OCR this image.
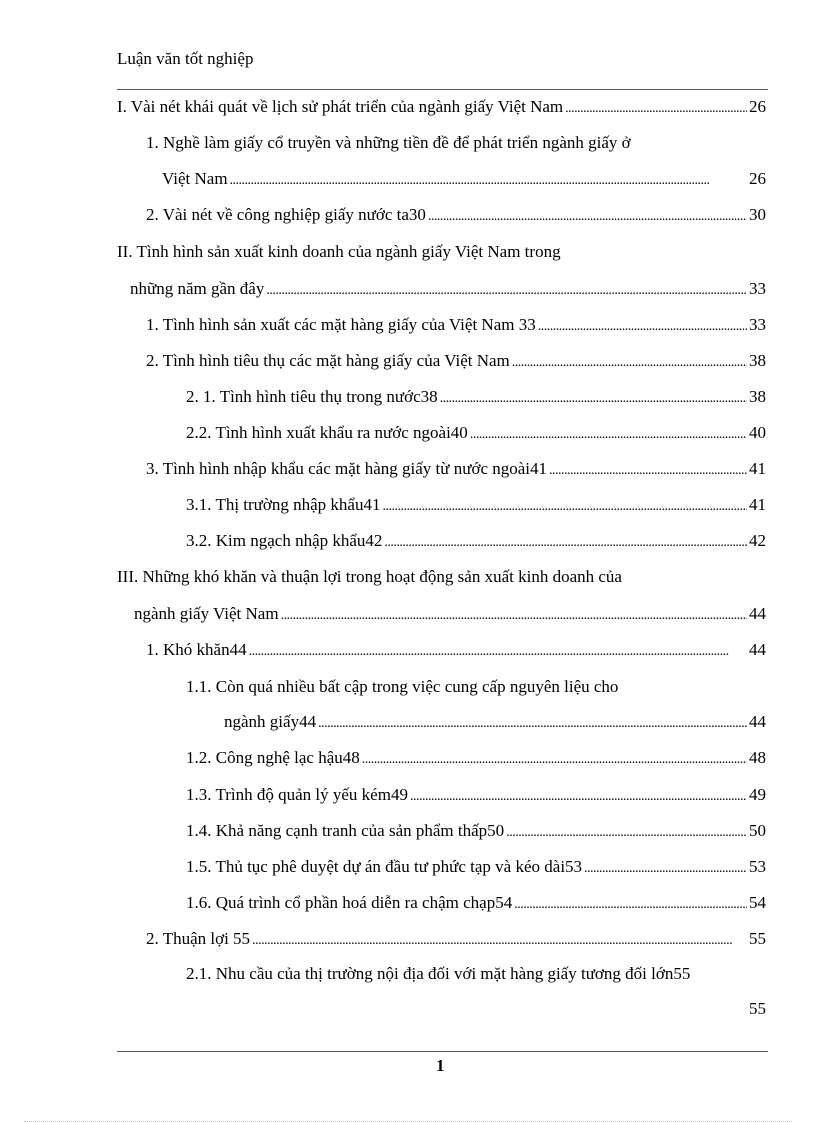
Luận văn tốt nghiệp
I. Vài nét khái quát về lịch sử phát triển của ngành giấy Việt Nam . . .	26
1. Nghề làm giấy cổ truyền và những tiền đề để phát triển ngành giấy ở
Việt Nam . . .	26
2. Vài nét về công nghiệp giấy nước ta30 . . .	30
II. Tình hình sản xuất kinh doanh của ngành giấy Việt Nam trong
những năm gần đây . . .	33
1. Tình hình sản xuất các mặt hàng giấy của Việt Nam 33 . . .	33
2. Tình hình tiêu thụ các mặt hàng giấy của Việt Nam . . .	38
2. 1. Tình hình tiêu thụ trong nước38 . . .	38
2.2. Tình hình xuất khẩu ra nước ngoài40 . . .	40
3. Tình hình nhập khẩu các mặt hàng giấy từ nước ngoài41 . . .	41
3.1. Thị trường nhập khẩu41 . . .	41
3.2. Kim ngạch nhập khẩu42 . . .	42
III. Những khó khăn và thuận lợi trong hoạt động sản xuất kinh doanh của
ngành giấy Việt Nam . . .	44
1. Khó khăn44 . . .	44
1.1. Còn quá nhiều bất cập trong việc cung cấp nguyên liệu cho
ngành giấy44 . . .	44
1.2. Công nghệ lạc hậu48 . . .	48
1.3. Trình độ quản lý yếu kém49 . . .	49
1.4. Khả năng cạnh tranh của sản phẩm thấp50 . . .	50
1.5. Thủ tục phê duyệt dự án đầu tư phức tạp và kéo dài53 . . .	53
1.6. Quá trình cổ phần hoá diễn ra chậm chạp54 . . .	54
2. Thuận lợi 55 . . .	55
2.1. Nhu cầu của thị trường nội địa đối với mặt hàng giấy tương đối lớn55
55
1
